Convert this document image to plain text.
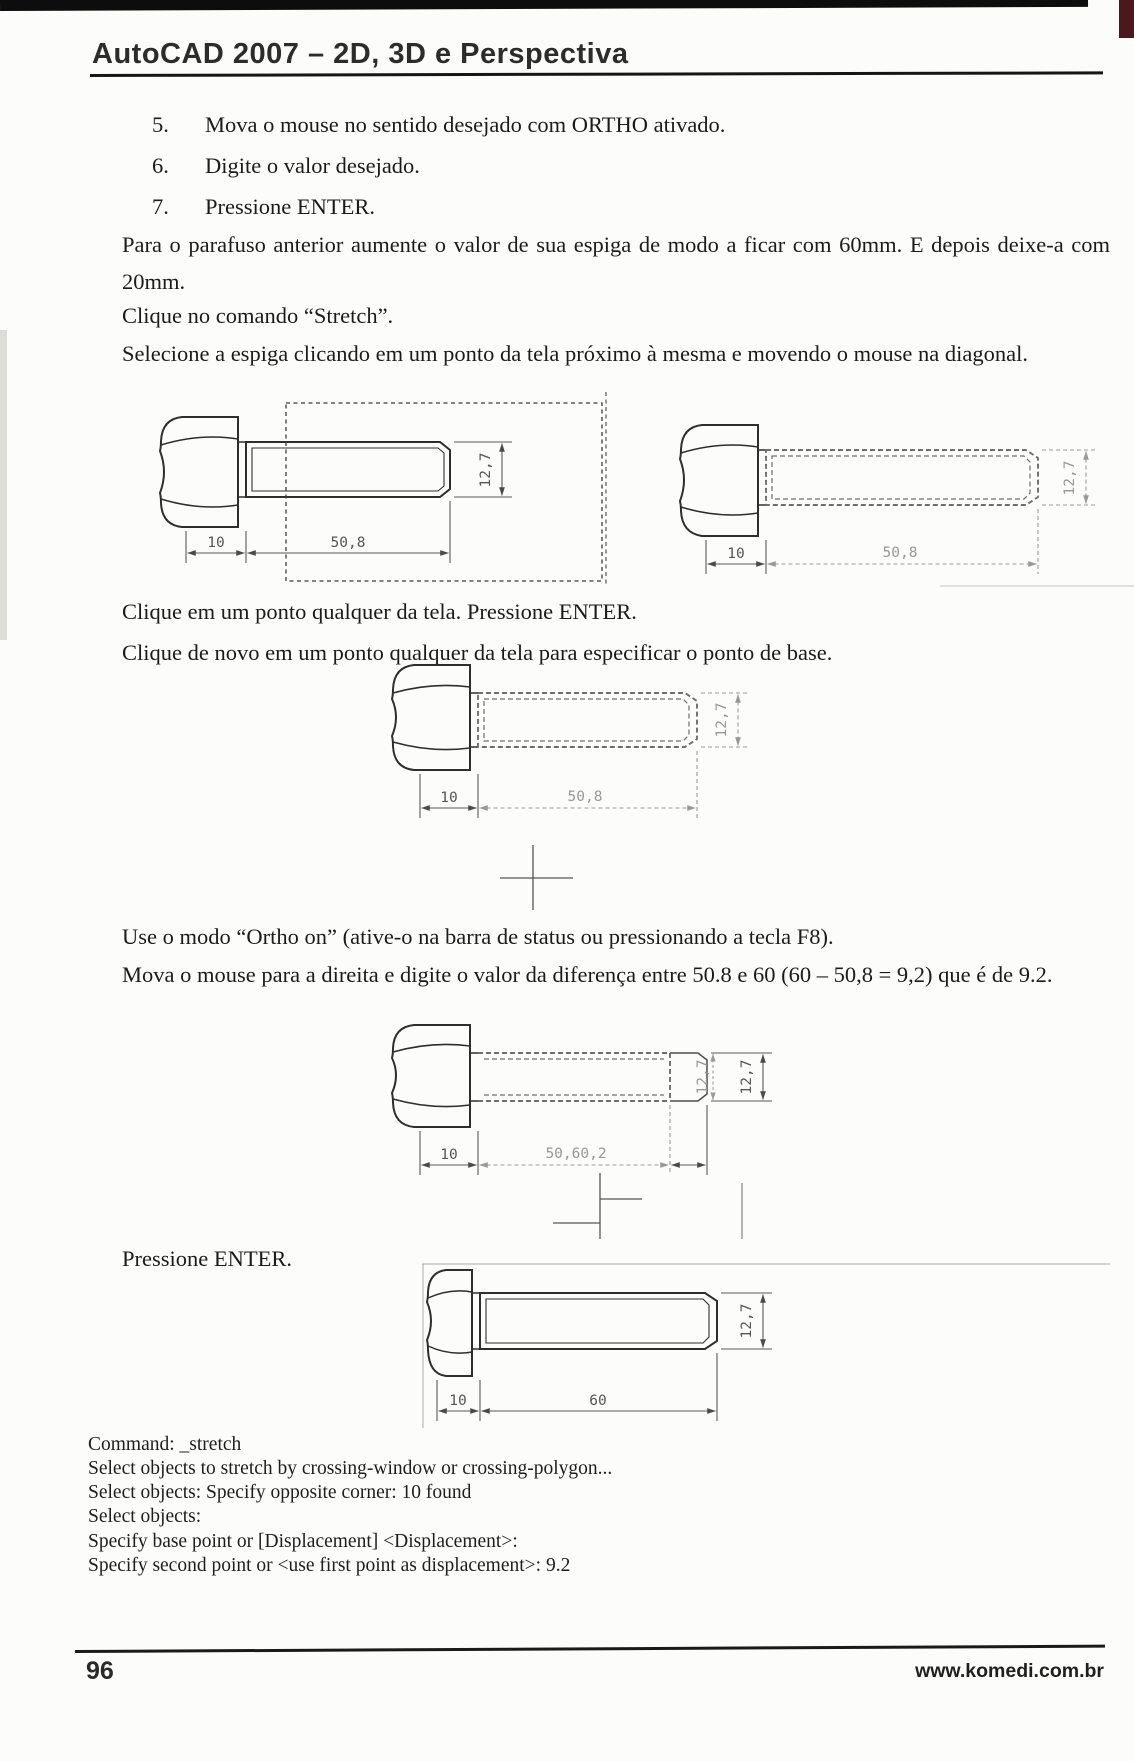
AutoCAD 2007 – 2D, 3D e Perspectiva
5. Mova o mouse no sentido desejado com ORTHO ativado.
6. Digite o valor desejado.
7. Pressione ENTER.
Para o parafuso anterior aumente o valor de sua espiga de modo a ficar com 60mm. E depois deixe-a com 20mm.
Clique no comando “Stretch”.
Selecione a espiga clicando em um ponto da tela próximo à mesma e movendo o mouse na diagonal.
10	50,8
12,7
10	50,8
12,7
Clique em um ponto qualquer da tela. Pressione ENTER.
Clique de novo em um ponto qualquer da tela para especificar o ponto de base.
10	50,8
12,7
Use o modo “Ortho on” (ative-o na barra de status ou pressionando a tecla F8).
Mova o mouse para a direita e digite o valor da diferença entre 50.8 e 60 (60 – 50,8 = 9,2) que é de 9.2.
12,7 12,7
10	50,60,2
Pressione ENTER.
10	60
12,7
Command: _stretch
Select objects to stretch by crossing-window or crossing-polygon...
Select objects: Specify opposite corner: 10 found
Select objects:
Specify base point or [Displacement] <Displacement>:
Specify second point or <use first point as displacement>: 9.2
96	www.komedi.com.br
